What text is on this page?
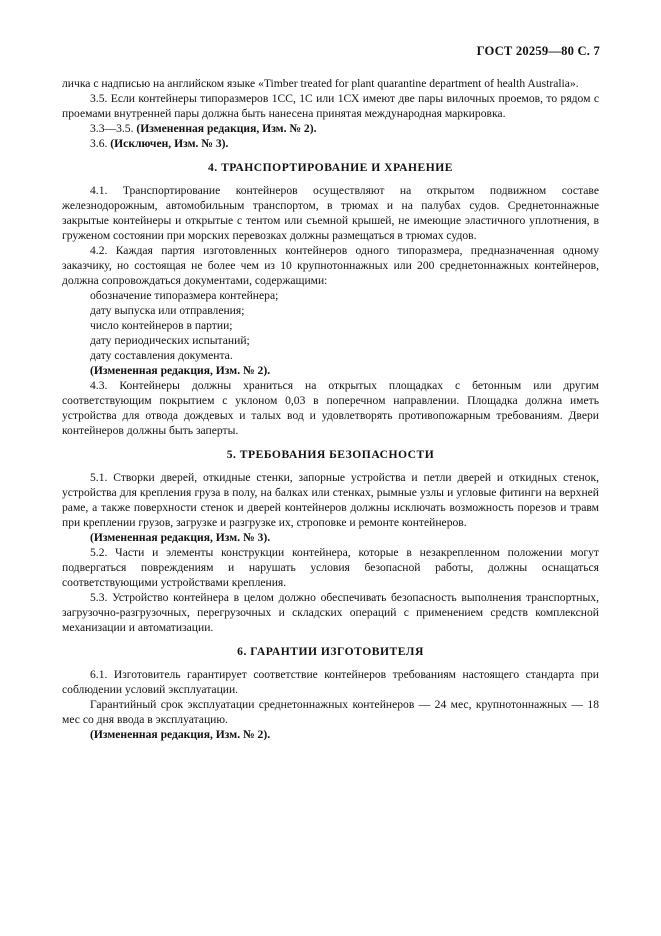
ГОСТ 20259—80 С. 7

личка с надписью на английском языке «Timber treated for plant quarantine department of health Australia».

3.5. Если контейнеры типоразмеров 1СС, 1С или 1СХ имеют две пары вилочных проемов, то рядом с проемами внутренней пары должна быть нанесена принятая международная маркировка.

3.3—3.5. (Измененная редакция, Изм. № 2).

3.6. (Исключен, Изм. № 3).

4. ТРАНСПОРТИРОВАНИЕ И ХРАНЕНИЕ

4.1. Транспортирование контейнеров осуществляют на открытом подвижном составе железнодорожным, автомобильным транспортом, в трюмах и на палубах судов. Среднетоннажные закрытые контейнеры и открытые с тентом или съемной крышей, не имеющие эластичного уплотнения, в груженом состоянии при морских перевозках должны размещаться в трюмах судов.

4.2. Каждая партия изготовленных контейнеров одного типоразмера, предназначенная одному заказчику, но состоящая не более чем из 10 крупнотоннажных или 200 среднетоннажных контейнеров, должна сопровождаться документами, содержащими:

обозначение типоразмера контейнера;

дату выпуска или отправления;

число контейнеров в партии;

дату периодических испытаний;

дату составления документа.

(Измененная редакция, Изм. № 2).

4.3. Контейнеры должны храниться на открытых площадках с бетонным или другим соответствующим покрытием с уклоном 0,03 в поперечном направлении. Площадка должна иметь устройства для отвода дождевых и талых вод и удовлетворять противопожарным требованиям. Двери контейнеров должны быть заперты.

5. ТРЕБОВАНИЯ БЕЗОПАСНОСТИ

5.1. Створки дверей, откидные стенки, запорные устройства и петли дверей и откидных стенок, устройства для крепления груза в полу, на балках или стенках, рымные узлы и угловые фитинги на верхней раме, а также поверхности стенок и дверей контейнеров должны исключать возможность порезов и травм при креплении грузов, загрузке и разгрузке их, строповке и ремонте контейнеров.

(Измененная редакция, Изм. № 3).

5.2. Части и элементы конструкции контейнера, которые в незакрепленном положении могут подвергаться повреждениям и нарушать условия безопасной работы, должны оснащаться соответствующими устройствами крепления.

5.3. Устройство контейнера в целом должно обеспечивать безопасность выполнения транспортных, загрузочно-разгрузочных, перегрузочных и складских операций с применением средств комплексной механизации и автоматизации.

6. ГАРАНТИИ ИЗГОТОВИТЕЛЯ

6.1. Изготовитель гарантирует соответствие контейнеров требованиям настоящего стандарта при соблюдении условий эксплуатации.

Гарантийный срок эксплуатации среднетоннажных контейнеров — 24 мес, крупнотоннажных — 18 мес со дня ввода в эксплуатацию.

(Измененная редакция, Изм. № 2).
